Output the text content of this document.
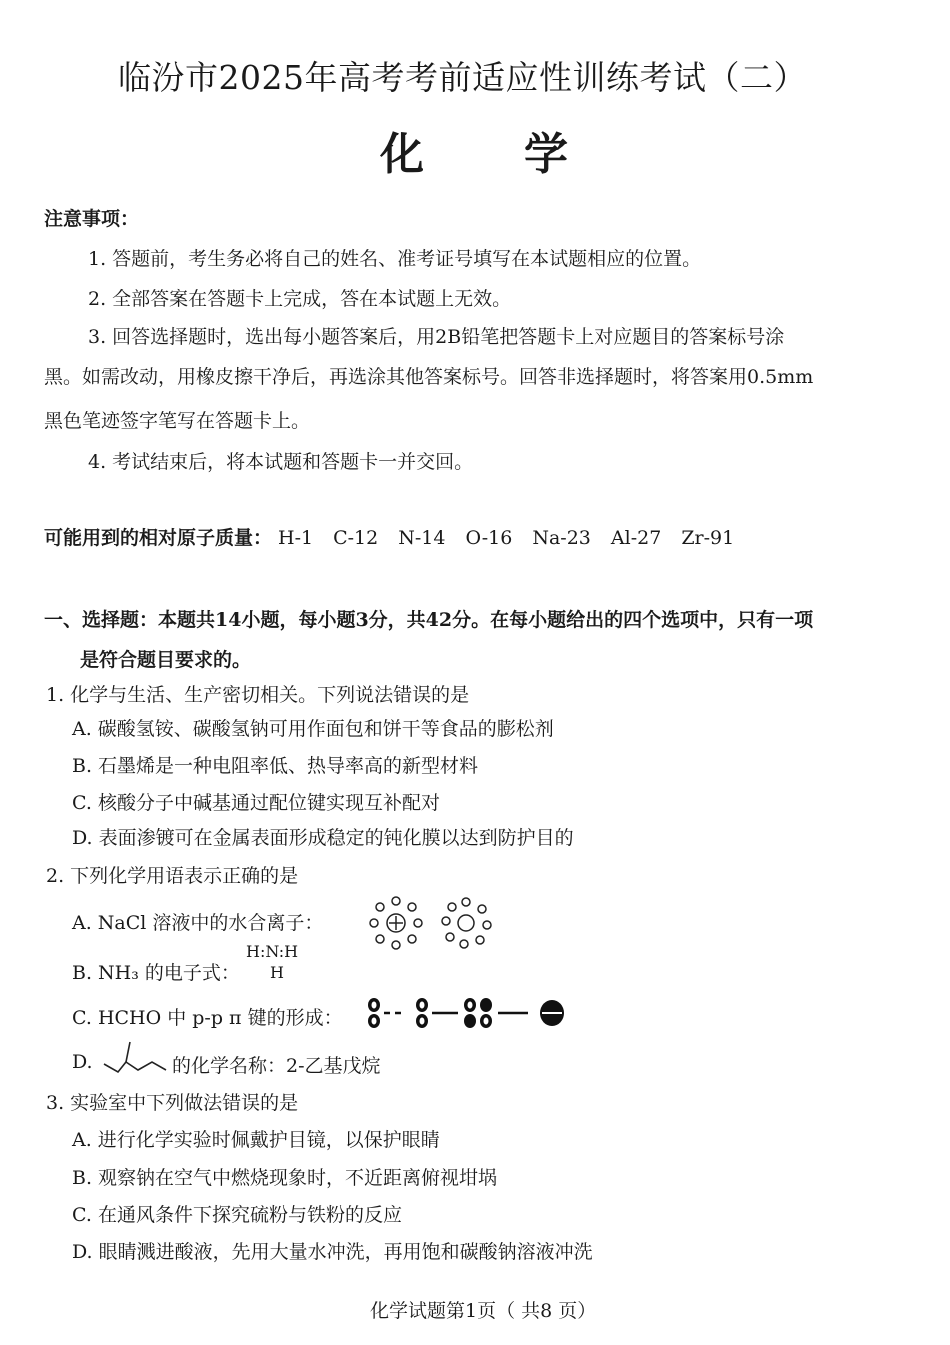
临汾市2025年高考考前适应性训练考试（二）
化学
注意事项：
1. 答题前，考生务必将自己的姓名、准考证号填写在本试题相应的位置。
2. 全部答案在答题卡上完成，答在本试题上无效。
3. 回答选择题时，选出每小题答案后，用2B铅笔把答题卡上对应题目的答案标号涂
黑。如需改动，用橡皮擦干净后，再选涂其他答案标号。回答非选择题时，将答案用0.5mm
黑色笔迹签字笔写在答题卡上。
4. 考试结束后，将本试题和答题卡一并交回。
可能用到的相对原子质量： H-1 C-12 N-14 O-16 Na-23 Al-27 Zr-91
一、选择题：本题共14小题，每小题3分，共42分。在每小题给出的四个选项中，只有一项
是符合题目要求的。
1. 化学与生活、生产密切相关。下列说法错误的是
A. 碳酸氢铵、碳酸氢钠可用作面包和饼干等食品的膨松剂
B. 石墨烯是一种电阻率低、热导率高的新型材料
C. 核酸分子中碱基通过配位键实现互补配对
D. 表面渗镀可在金属表面形成稳定的钝化膜以达到防护目的
2. 下列化学用语表示正确的是
A. NaCl 溶液中的水合离子：
B. NH₃ 的电子式：
H:N:H
H
C. HCHO 中 p-p π 键的形成：
D.	的化学名称：2-乙基戊烷
3. 实验室中下列做法错误的是
A. 进行化学实验时佩戴护目镜，以保护眼睛
B. 观察钠在空气中燃烧现象时，不近距离俯视坩埚
C. 在通风条件下探究硫粉与铁粉的反应
D. 眼睛溅进酸液，先用大量水冲洗，再用饱和碳酸钠溶液冲洗
化学试题第1页（ 共8 页）
